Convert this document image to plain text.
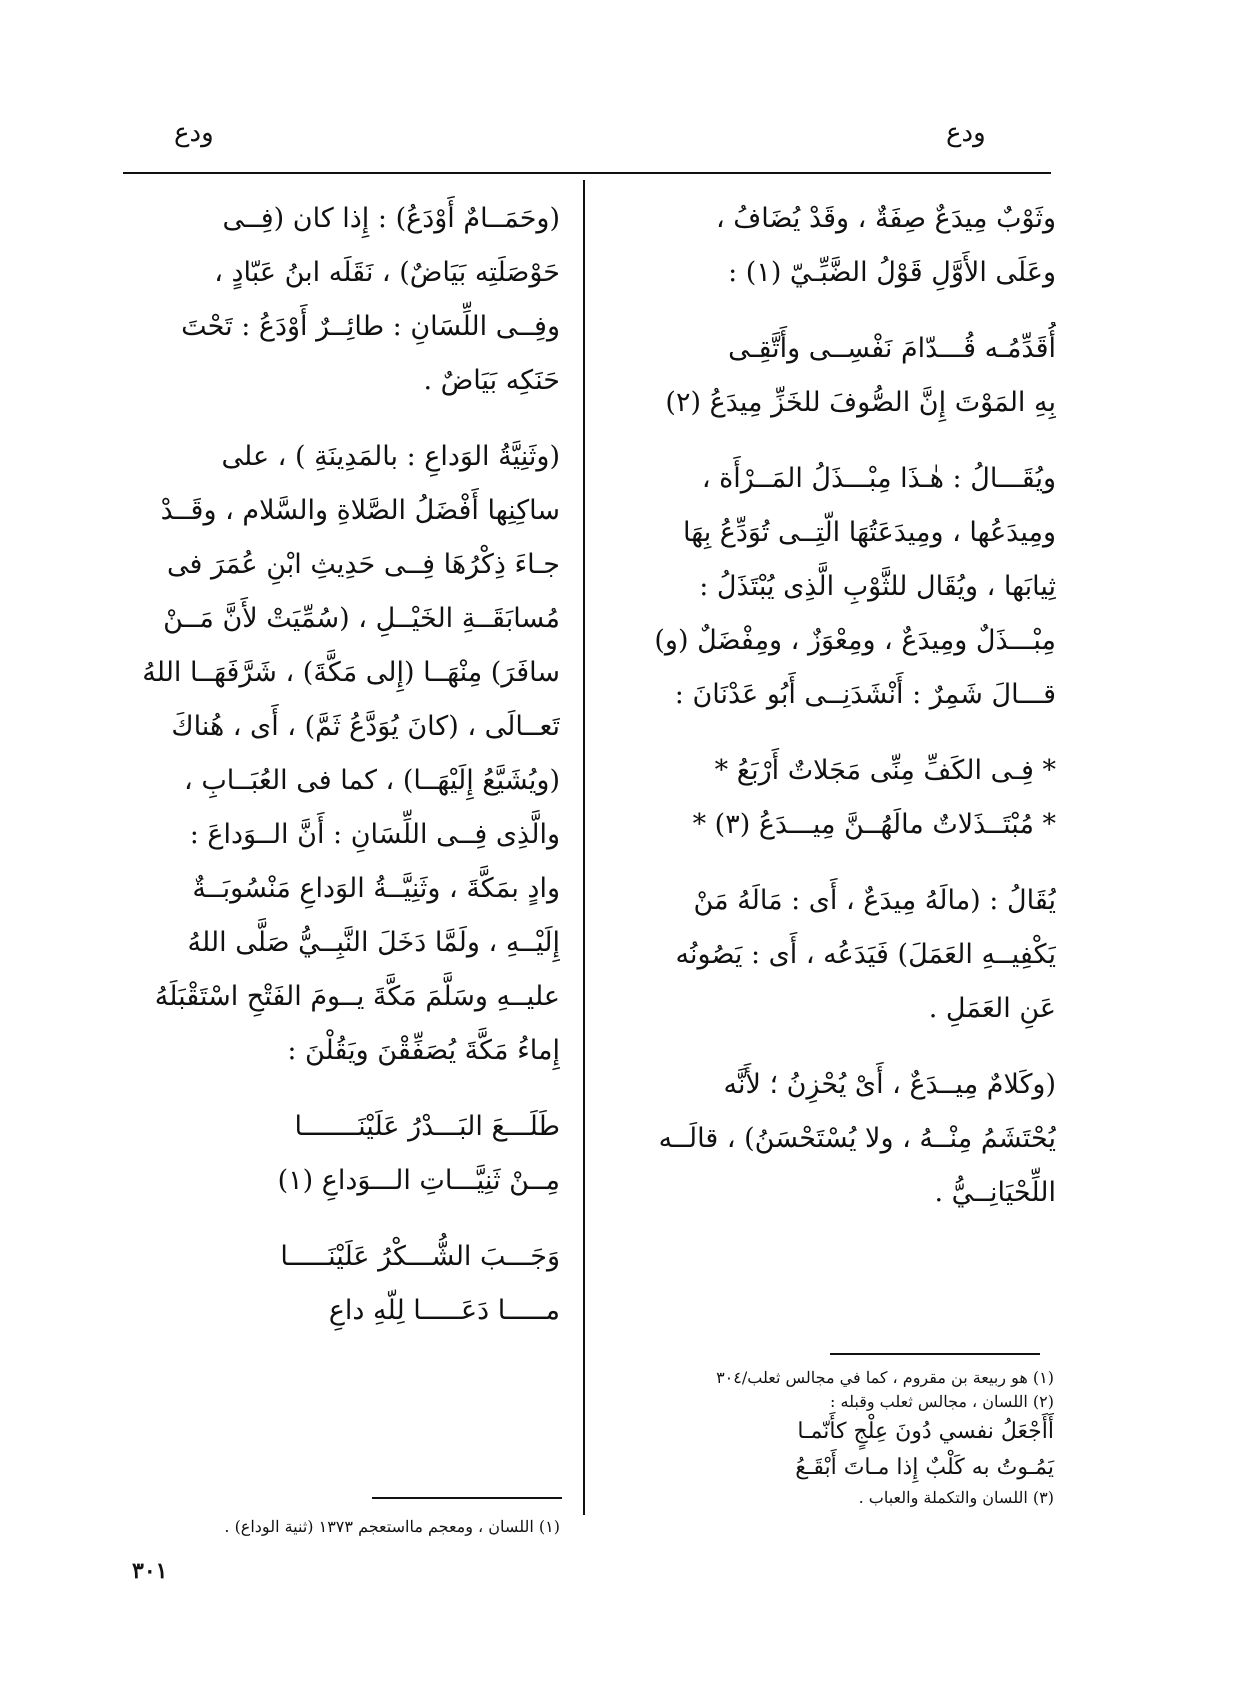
ودع
ودع
وثَوْبٌ مِيدَعٌ صِفَةٌ ، وقَدْ يُضَافُ ،
وعَلَى الأَوَّلِ قَوْلُ الضَّبِّـيّ (١) :
أُقَدِّمُـه قُـــدّامَ نَفْسِــى وأَتَّقِـى
بِهِ المَوْتَ إِنَّ الصُّوفَ للخَزِّ مِيدَعُ (٢)
ويُقَـــالُ : هٰـذَا مِبْـــذَلُ المَــرْأَة ،
ومِيدَعُها ، ومِيدَعَتُهَا الّتِــى تُوَدِّعُ بِهَا
ثِيابَها ، ويُقَال للثَّوْبِ الَّذِى يُبْتَذَلُ :
مِبْـــذَلٌ ومِيدَعٌ ، ومِعْوَزٌ ، ومِفْضَلٌ (و)
قـــالَ شَمِرٌ : أَنْشَدَنِــى أَبُو عَدْنَانَ :
* فِـى الكَفِّ مِنِّى مَجَلاتٌ أَرْبَعُ *
* مُبْتَــذَلاتٌ مالَهُــنَّ مِيـــدَعُ (٣) *
يُقَالُ : (مالَهُ مِيدَعٌ ، أَى : مَالَهُ مَنْ
يَكْفِيــهِ العَمَلَ) فَيَدَعُه ، أَى : يَصُونُه
عَنِ العَمَلِ .
(وكَلامٌ مِيــدَعٌ ، أَىْ يُحْزِنُ ؛ لأَنَّه
يُحْتَشَمُ مِنْــهُ ، ولا يُسْتَحْسَنُ) ، قالَــه
اللِّحْيَانِــيُّ .
(وحَمَــامٌ أَوْدَعُ) : إِذا كان (فِــى
حَوْصَلَتِه بَيَاضٌ) ، نَقَلَه ابنُ عَبّادٍ ،
وفِــى اللِّسَانِ : طائِــرٌ أَوْدَعُ : تَحْتَ
حَنَكِه بَيَاضٌ .
(وثَنِيَّةُ الوَداعِ : بالمَدِينَةِ ) ، على
ساكِنِها أَفْضَلُ الصَّلاةِ والسَّلام ، وقَــدْ
جـاءَ ذِكْرُهَا فِــى حَدِيثِ ابْنِ عُمَرَ فى
مُسابَقَــةِ الخَيْــلِ ، (سُمِّيَتْ لأَنَّ مَــنْ
سافَرَ) مِنْهَــا (إِلى مَكَّةَ) ، شَرَّفَهَــا اللهُ
تَعــالَى ، (كانَ يُوَدَّعُ ثَمَّ) ، أَى ، هُناكَ
(ويُشَيَّعُ إِلَيْهَــا) ، كما فى العُبَــابِ ،
والَّذِى فِــى اللِّسَانِ : أَنَّ الــوَداعَ :
وادٍ بمَكَّةَ ، وثَنِيَّــةُ الوَداعِ مَنْسُوبَــةٌ
إِلَيْــهِ ، ولَمَّا دَخَلَ النَّبِــيُّ صَلَّى اللهُ
عليــهِ وسَلَّمَ مَكَّةَ يــومَ الفَتْحِ اسْتَقْبَلَهُ
إِماءُ مَكَّةَ يُصَفِّقْنَ ويَقُلْنَ :
طَلَـــعَ البَـــدْرُ عَلَيْنَـــــــا
مِــنْ ثَنِيَّـــاتِ الـــوَداعِ (١)
وَجَـــبَ الشُّـــكْرُ عَلَيْنَـــــا
مـــــا دَعَـــــا لِلّهِ داعِ
(١) هو ربيعة بن مقروم ، كما في مجالس ثعلب/٣٠٤
(٢) اللسان ، مجالس ثعلب وقبله :
أَأَجْعَلُ نفسي دُونَ عِلْجٍ كأَنّمـا
يَمُـوتُ به كَلْبٌ إِذا مـاتَ أَبْقَـعُ
(٣) اللسان والتكملة والعباب .
(١) اللسان ، ومعجم مااستعجم ١٣٧٣ (ثنية الوداع) .
٣٠١
